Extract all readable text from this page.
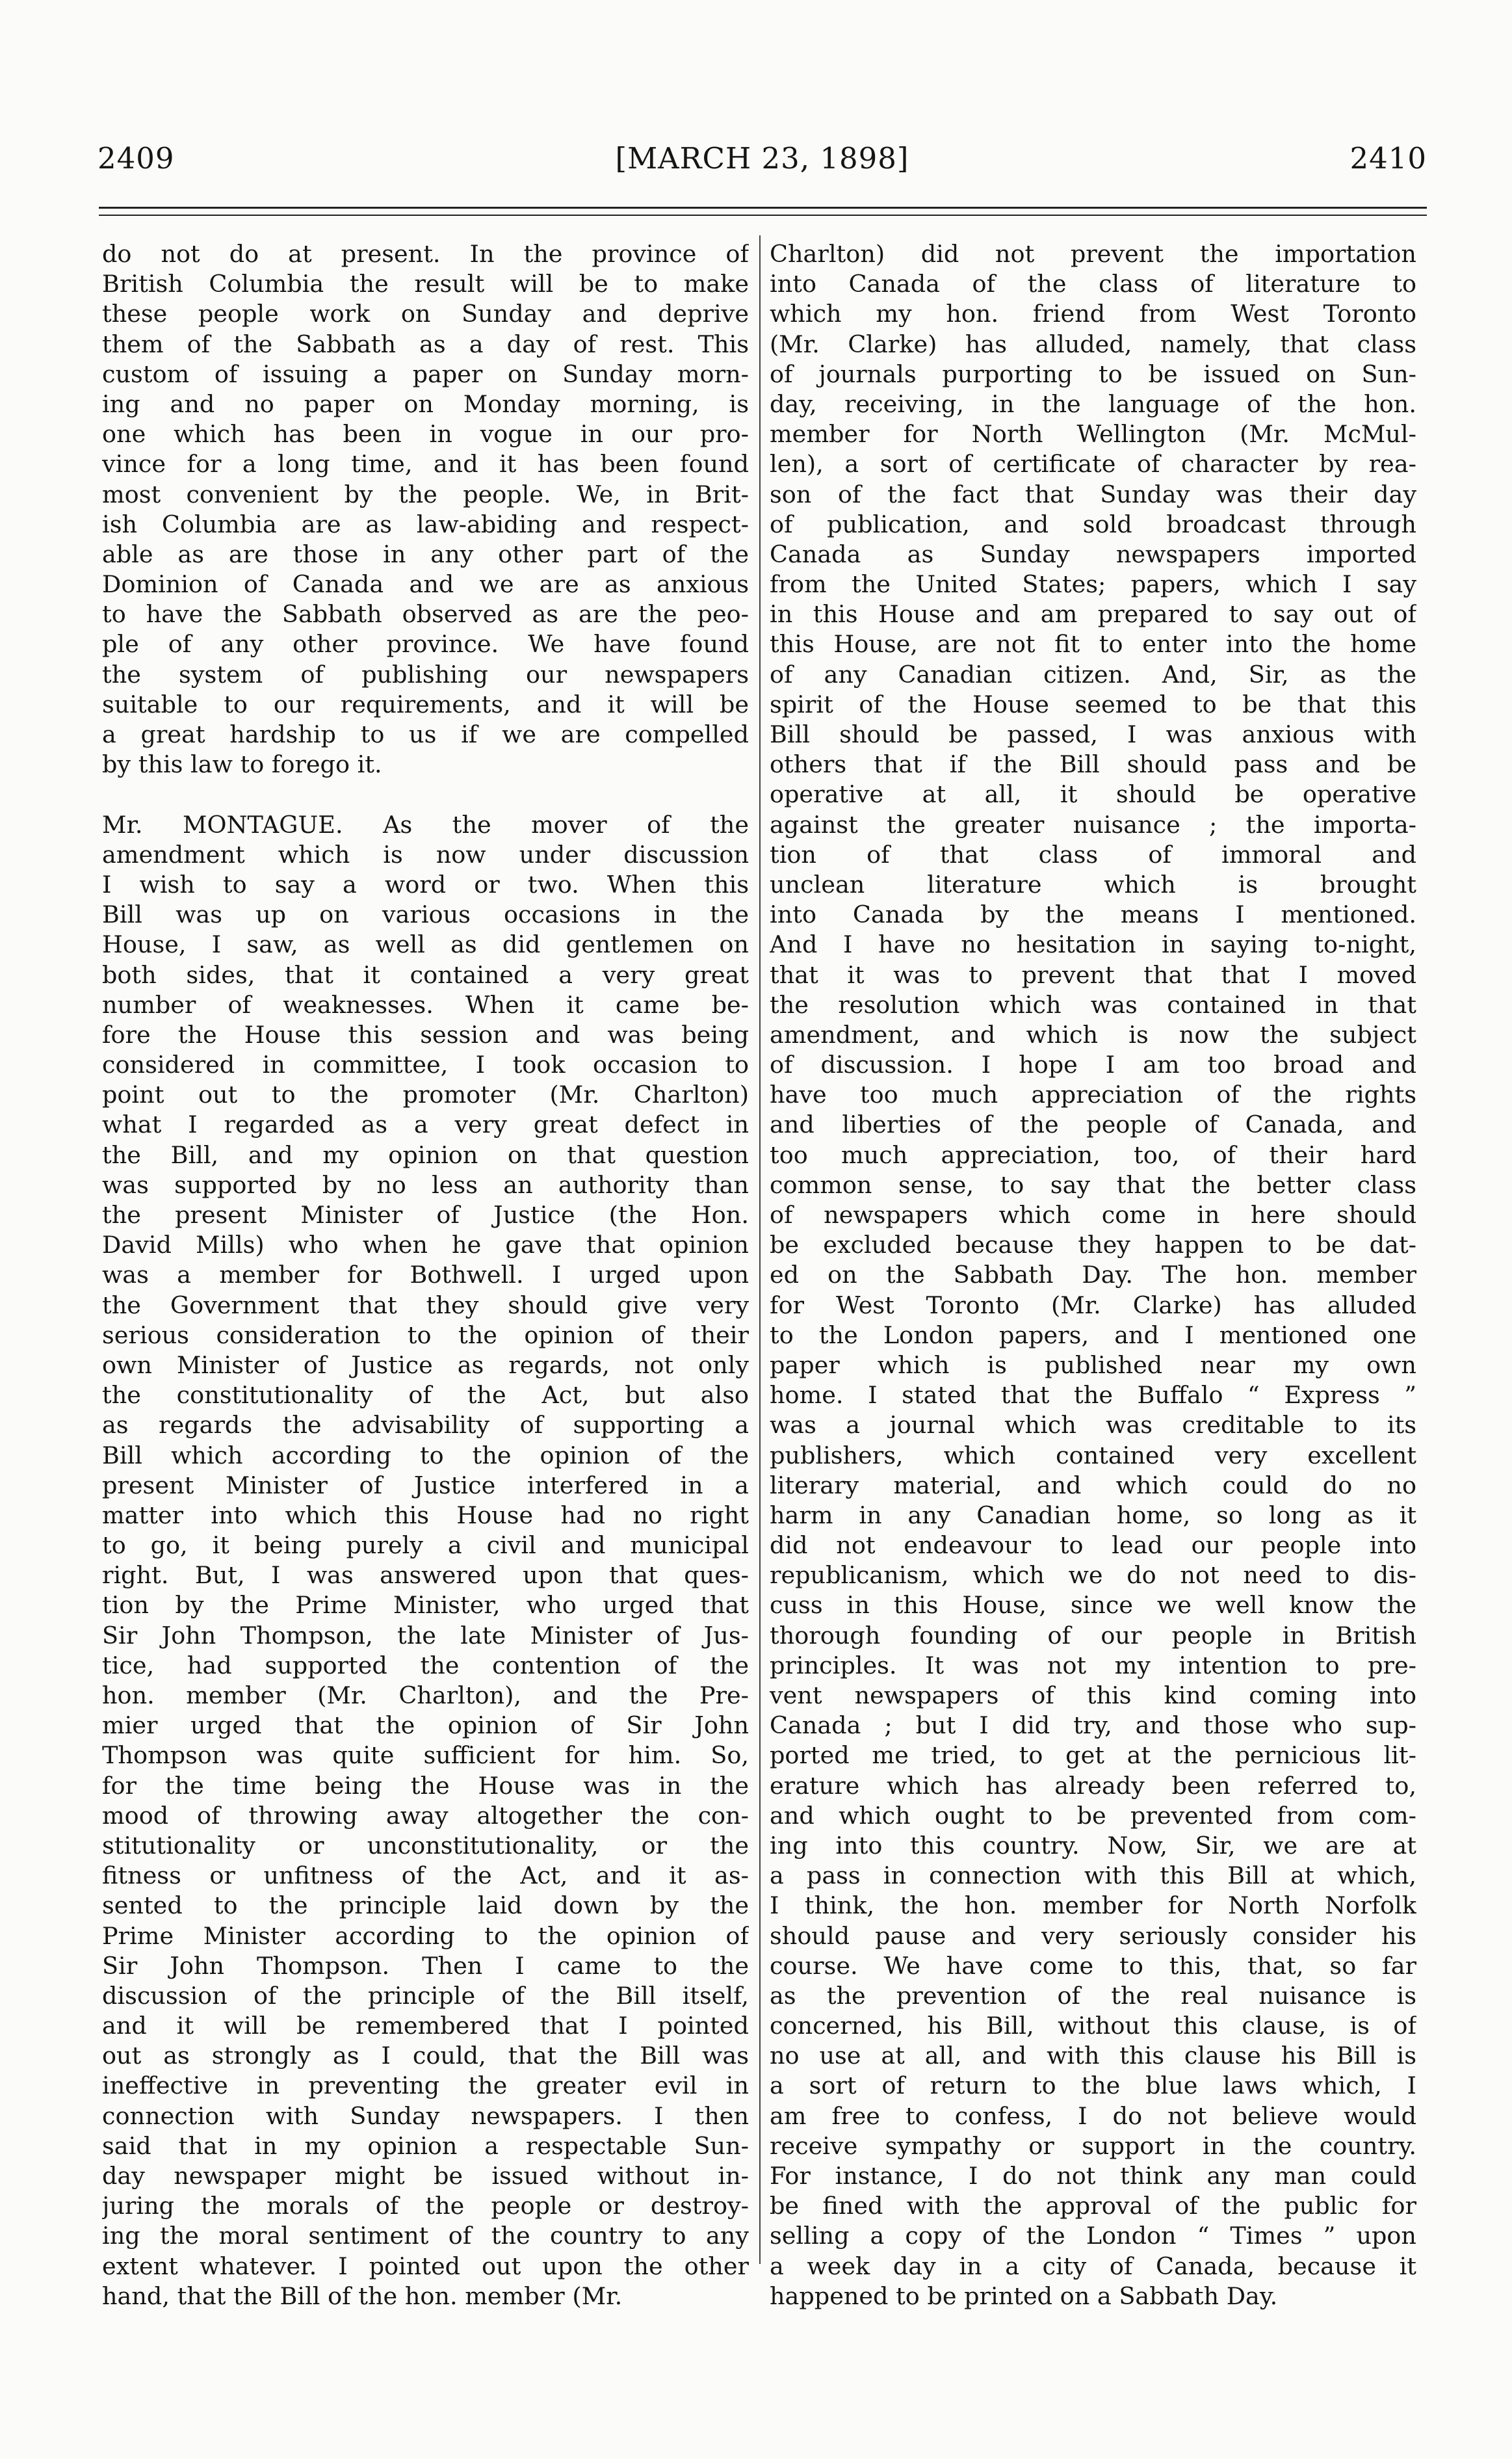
2409	[MARCH 23, 1898]	2410
do not do at present. In the province of
British Columbia the result will be to make
these people work on Sunday and deprive
them of the Sabbath as a day of rest. This
custom of issuing a paper on Sunday morn-
ing and no paper on Monday morning, is
one which has been in vogue in our pro-
vince for a long time, and it has been found
most convenient by the people. We, in Brit-
ish Columbia are as law-abiding and respect-
able as are those in any other part of the
Dominion of Canada and we are as anxious
to have the Sabbath observed as are the peo-
ple of any other province. We have found
the system of publishing our newspapers
suitable to our requirements, and it will be
a great hardship to us if we are compelled
by this law to forego it.
Mr. MONTAGUE. As the mover of the
amendment which is now under discussion
I wish to say a word or two. When this
Bill was up on various occasions in the
House, I saw, as well as did gentlemen on
both sides, that it contained a very great
number of weaknesses. When it came be-
fore the House this session and was being
considered in committee, I took occasion to
point out to the promoter (Mr. Charlton)
what I regarded as a very great defect in
the Bill, and my opinion on that question
was supported by no less an authority than
the present Minister of Justice (the Hon.
David Mills) who when he gave that opinion
was a member for Bothwell. I urged upon
the Government that they should give very
serious consideration to the opinion of their
own Minister of Justice as regards, not only
the constitutionality of the Act, but also
as regards the advisability of supporting a
Bill which according to the opinion of the
present Minister of Justice interfered in a
matter into which this House had no right
to go, it being purely a civil and municipal
right. But, I was answered upon that ques-
tion by the Prime Minister, who urged that
Sir John Thompson, the late Minister of Jus-
tice, had supported the contention of the
hon. member (Mr. Charlton), and the Pre-
mier urged that the opinion of Sir John
Thompson was quite sufficient for him. So,
for the time being the House was in the
mood of throwing away altogether the con-
stitutionality or unconstitutionality, or the
fitness or unfitness of the Act, and it as-
sented to the principle laid down by the
Prime Minister according to the opinion of
Sir John Thompson. Then I came to the
discussion of the principle of the Bill itself,
and it will be remembered that I pointed
out as strongly as I could, that the Bill was
ineffective in preventing the greater evil in
connection with Sunday newspapers. I then
said that in my opinion a respectable Sun-
day newspaper might be issued without in-
juring the morals of the people or destroy-
ing the moral sentiment of the country to any
extent whatever. I pointed out upon the other
hand, that the Bill of the hon. member (Mr.
Charlton) did not prevent the importation
into Canada of the class of literature to
which my hon. friend from West Toronto
(Mr. Clarke) has alluded, namely, that class
of journals purporting to be issued on Sun-
day, receiving, in the language of the hon.
member for North Wellington (Mr. McMul-
len), a sort of certificate of character by rea-
son of the fact that Sunday was their day
of publication, and sold broadcast through
Canada as Sunday newspapers imported
from the United States; papers, which I say
in this House and am prepared to say out of
this House, are not fit to enter into the home
of any Canadian citizen. And, Sir, as the
spirit of the House seemed to be that this
Bill should be passed, I was anxious with
others that if the Bill should pass and be
operative at all, it should be operative
against the greater nuisance ; the importa-
tion of that class of immoral and
unclean literature which is brought
into Canada by the means I mentioned.
And I have no hesitation in saying to-night,
that it was to prevent that that I moved
the resolution which was contained in that
amendment, and which is now the subject
of discussion. I hope I am too broad and
have too much appreciation of the rights
and liberties of the people of Canada, and
too much appreciation, too, of their hard
common sense, to say that the better class
of newspapers which come in here should
be excluded because they happen to be dat-
ed on the Sabbath Day. The hon. member
for West Toronto (Mr. Clarke) has alluded
to the London papers, and I mentioned one
paper which is published near my own
home. I stated that the Buffalo “ Express ”
was a journal which was creditable to its
publishers, which contained very excellent
literary material, and which could do no
harm in any Canadian home, so long as it
did not endeavour to lead our people into
republicanism, which we do not need to dis-
cuss in this House, since we well know the
thorough founding of our people in British
principles. It was not my intention to pre-
vent newspapers of this kind coming into
Canada ; but I did try, and those who sup-
ported me tried, to get at the pernicious lit-
erature which has already been referred to,
and which ought to be prevented from com-
ing into this country. Now, Sir, we are at
a pass in connection with this Bill at which,
I think, the hon. member for North Norfolk
should pause and very seriously consider his
course. We have come to this, that, so far
as the prevention of the real nuisance is
concerned, his Bill, without this clause, is of
no use at all, and with this clause his Bill is
a sort of return to the blue laws which, I
am free to confess, I do not believe would
receive sympathy or support in the country.
For instance, I do not think any man could
be fined with the approval of the public for
selling a copy of the London “ Times ” upon
a week day in a city of Canada, because it
happened to be printed on a Sabbath Day.
